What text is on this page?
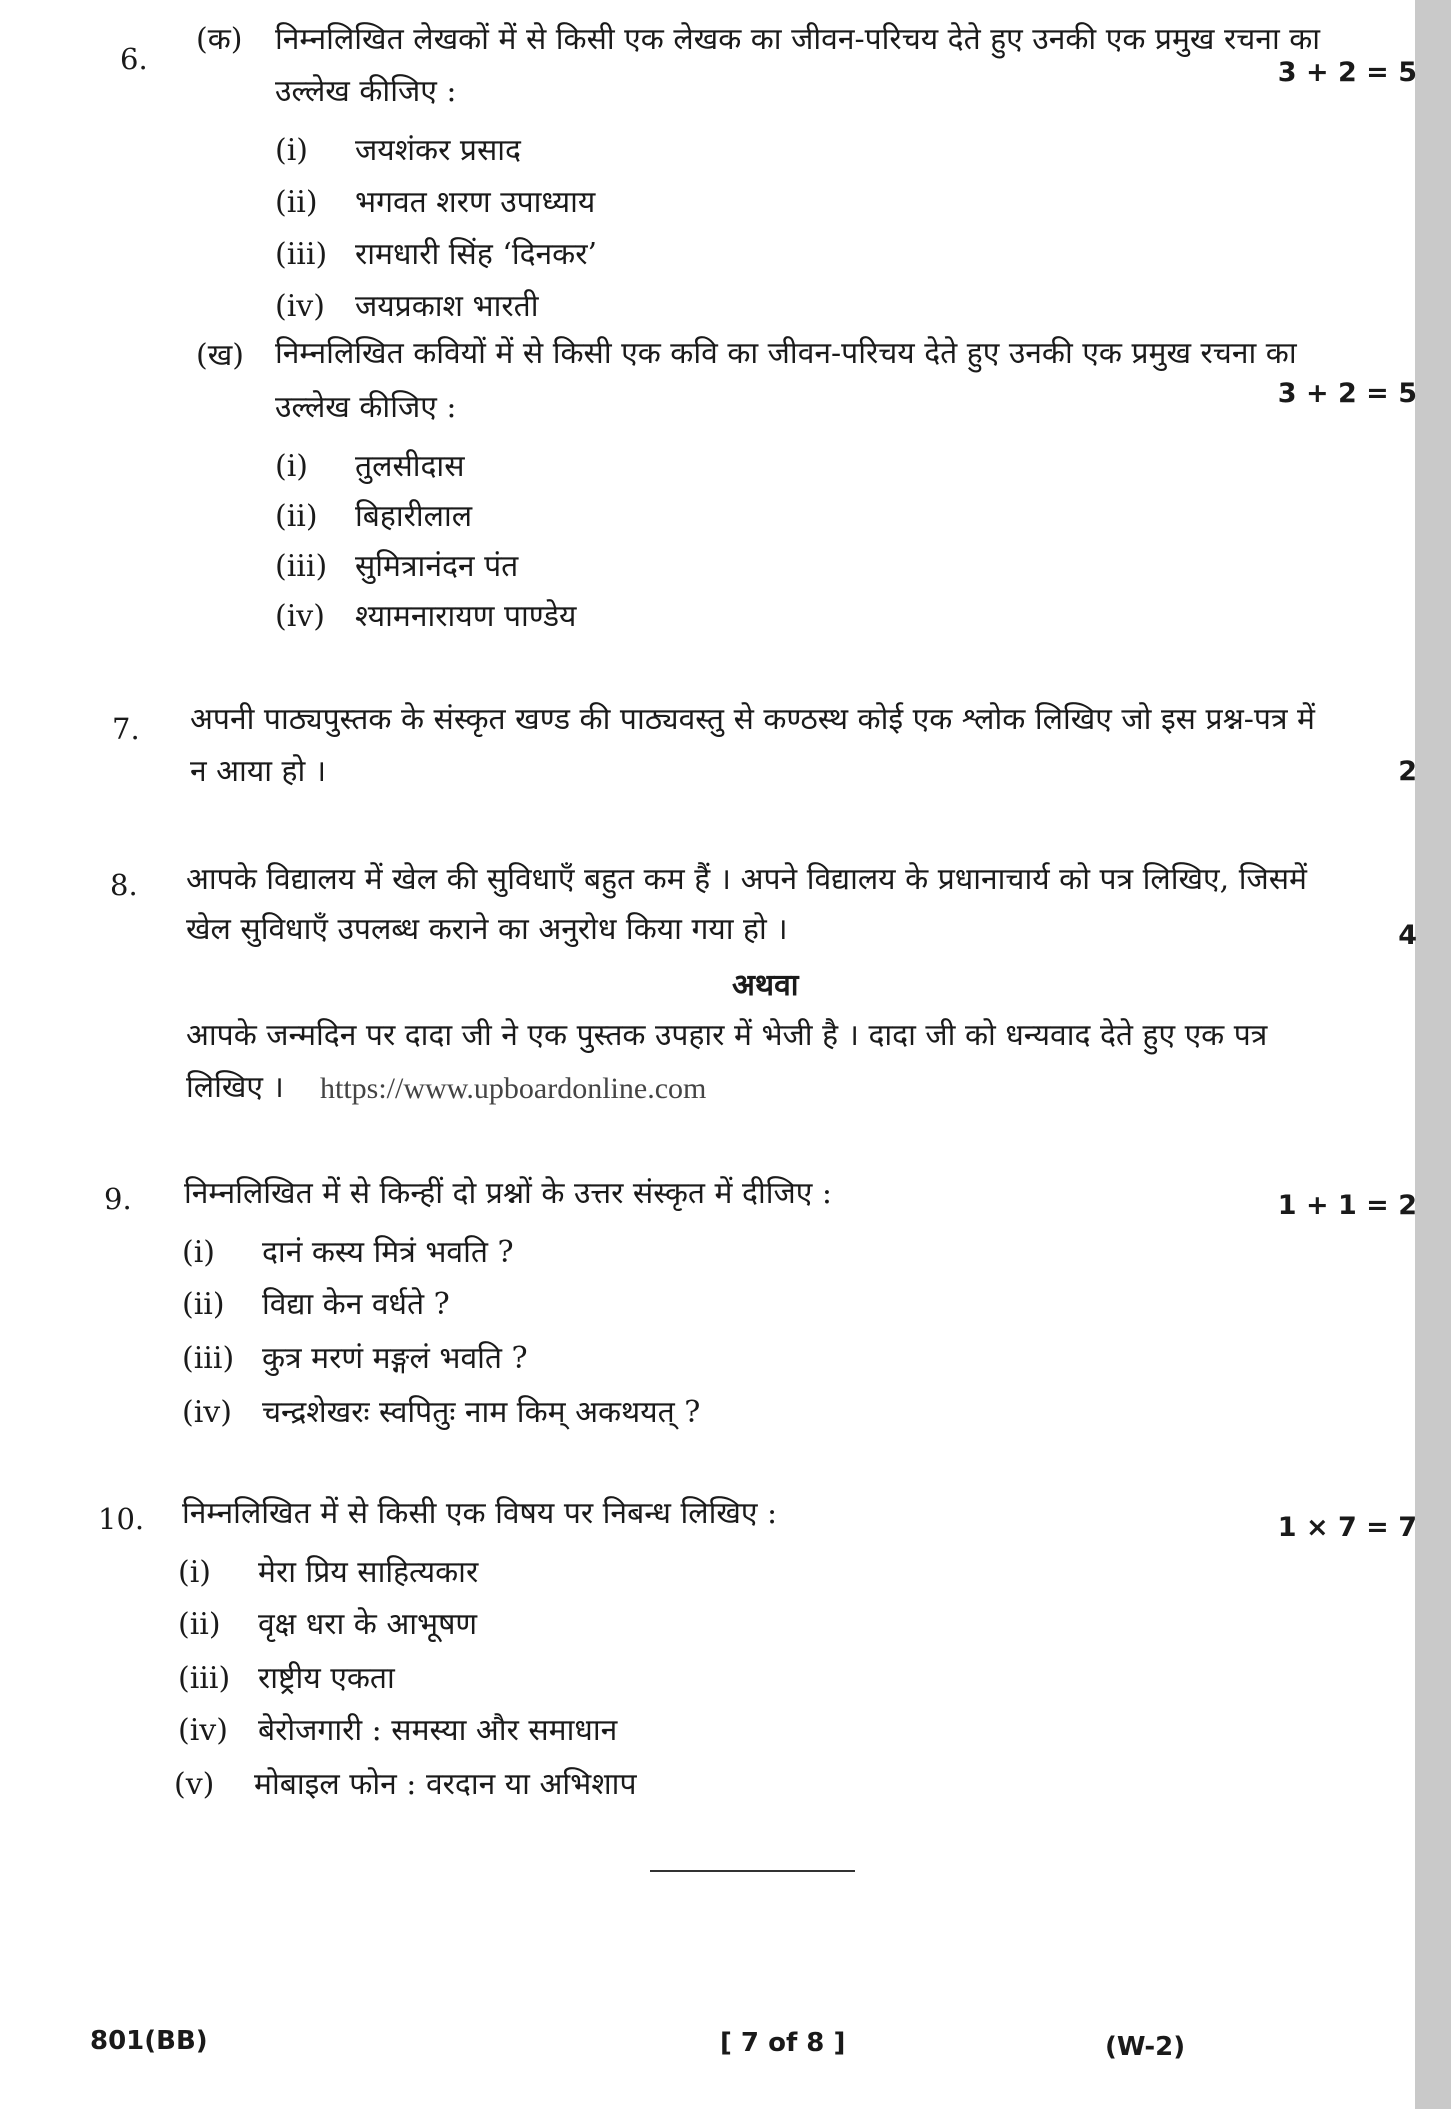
6.
(क) निम्नलिखित लेखकों में से किसी एक लेखक का जीवन-परिचय देते हुए उनकी एक प्रमुख रचना का
3 + 2 = 5
उल्लेख कीजिए :
(i) जयशंकर प्रसाद
(ii) भगवत शरण उपाध्याय
(iii) रामधारी सिंह ‘दिनकर’
(iv) जयप्रकाश भारती
(ख) निम्नलिखित कवियों में से किसी एक कवि का जीवन-परिचय देते हुए उनकी एक प्रमुख रचना का
3 + 2 = 5
उल्लेख कीजिए :
(i) तुलसीदास
(ii) बिहारीलाल
(iii) सुमित्रानंदन पंत
(iv) श्यामनारायण पाण्डेय
7. अपनी पाठ्यपुस्तक के संस्कृत खण्ड की पाठ्यवस्तु से कण्ठस्थ कोई एक श्लोक लिखिए जो इस प्रश्न-पत्र में
न आया हो ।	2
8. आपके विद्यालय में खेल की सुविधाएँ बहुत कम हैं । अपने विद्यालय के प्रधानाचार्य को पत्र लिखिए, जिसमें
खेल सुविधाएँ उपलब्ध कराने का अनुरोध किया गया हो ।	4
अथवा
आपके जन्मदिन पर दादा जी ने एक पुस्तक उपहार में भेजी है । दादा जी को धन्यवाद देते हुए एक पत्र
लिखिए । https://www.upboardonline.com
9. निम्नलिखित में से किन्हीं दो प्रश्नों के उत्तर संस्कृत में दीजिए :	1 + 1 = 2
(i) दानं कस्य मित्रं भवति ?
(ii) विद्या केन वर्धते ?
(iii) कुत्र मरणं मङ्गलं भवति ?
(iv) चन्द्रशेखरः स्वपितुः नाम किम् अकथयत् ?
10. निम्नलिखित में से किसी एक विषय पर निबन्ध लिखिए :	1 × 7 = 7
(i) मेरा प्रिय साहित्यकार
(ii) वृक्ष धरा के आभूषण
(iii) राष्ट्रीय एकता
(iv) बेरोजगारी : समस्या और समाधान
(v) मोबाइल फोन : वरदान या अभिशाप
801(BB)	[ 7 of 8 ]	(W-2)
